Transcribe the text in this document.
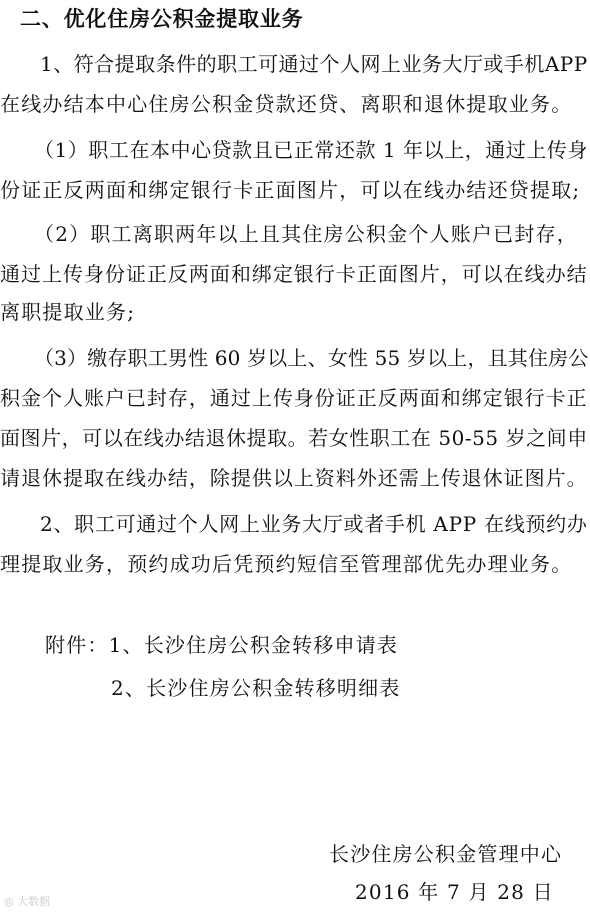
二、优化住房公积金提取业务
1、符合提取条件的职工可通过个人网上业务大厅或手机APP
在线办结本中心住房公积金贷款还贷、离职和退休提取业务。
（1）职工在本中心贷款且已正常还款 1 年以上，通过上传身
份证正反两面和绑定银行卡正面图片，可以在线办结还贷提取;
（2）职工离职两年以上且其住房公积金个人账户已封存，
通过上传身份证正反两面和绑定银行卡正面图片，可以在线办结
离职提取业务;
（3）缴存职工男性 60 岁以上、女性 55 岁以上，且其住房公
积金个人账户已封存，通过上传身份证正反两面和绑定银行卡正
面图片，可以在线办结退休提取。若女性职工在 50-55 岁之间申
请退休提取在线办结，除提供以上资料外还需上传退休证图片。
2、职工可通过个人网上业务大厅或者手机 APP 在线预约办
理提取业务，预约成功后凭预约短信至管理部优先办理业务。
附件：1、长沙住房公积金转移申请表
2、长沙住房公积金转移明细表
长沙住房公积金管理中心
2016 年 7 月 28 日
◎ 大数据
